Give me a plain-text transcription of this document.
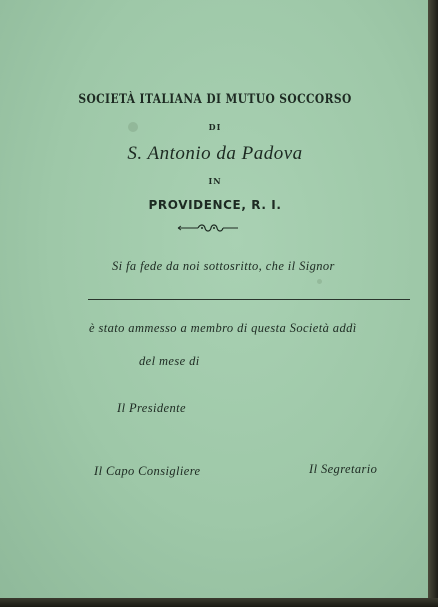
SOCIETÀ ITALIANA DI MUTUO SOCCORSO
DI
S. Antonio da Padova
IN
PROVIDENCE, R. I.
Si fa fede da noi sottosritto, che il Signor
è stato ammesso a membro di questa Società addì
del mese di
Il Presidente
Il Capo Consigliere	Il Segretario
